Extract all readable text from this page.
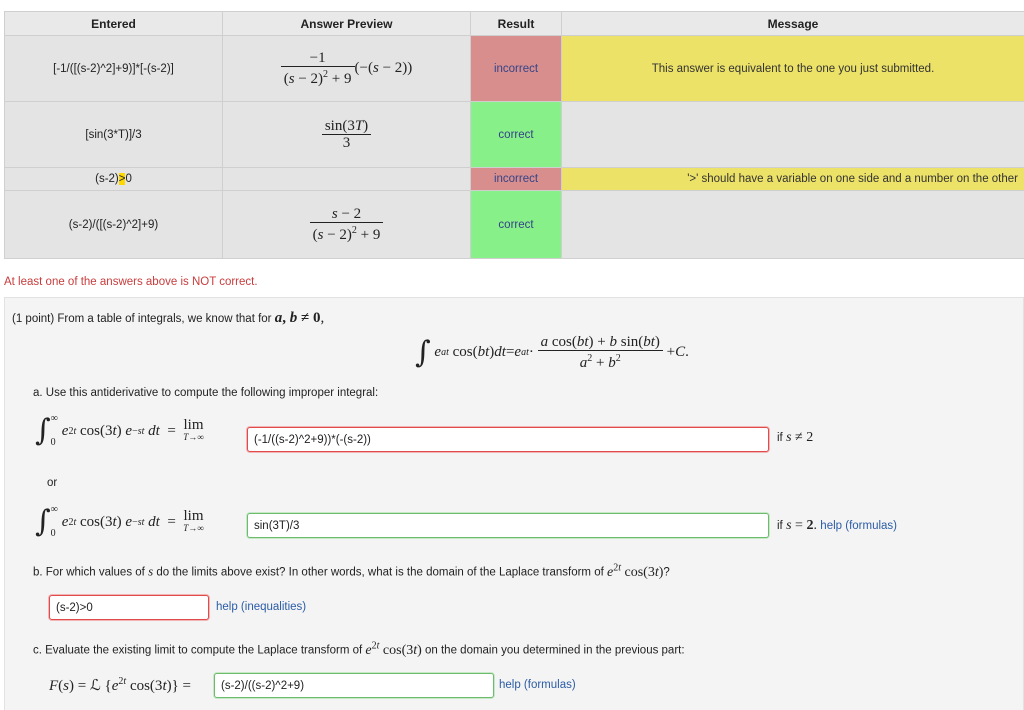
Entered	Answer Preview	Result	Message
[-1/([(s-2)^2]+9)]*[-(s-2)]	$\frac{-1}{(s - 2)^2 + 9} (-(s - 2))$	incorrect	This answer is equivalent to the one you just submitted.
[sin(3*T)]/3	$\frac{\sin(3T)}{3}$	correct	
(s-2)>0		incorrect	'>' should have a variable on one side and a number on the other
(s-2)/([(s-2)^2]+9)	$\frac{s - 2}{(s - 2)^2 + 9}$	correct	
At least one of the answers above is NOT correct.
(1 point) From a table of integrals, we know that for a, b ≠ 0,
∫
e at cos( bt ) dt = e at · $\frac{\text{a cos(bt) + b sin(bt)}}{a^2 + b^2} + C$ .
a. Use this antiderivative to compute the following improper integral:
∫ ∞
0
e 2t cos(3 t ) e −st
dt = lim
T→∞
(-1/((s-2)^2+9))*(-(s-2))	if s ≠ 2
or
∫ ∞
0
e 2t cos(3 t ) e −st
dt = lim
T→∞
sin(3T)/3	if s = 2. help (formulas)
b. For which values of s do the limits above exist? In other words, what is the domain of the Laplace transform of $e^{2t}$ cos(3t)?
(s-2)>0
help (inequalities)
c. Evaluate the existing limit to compute the Laplace transform of $e^{2t}$ cos(3t) on the domain you determined in the previous part:
F(s) = ℒ {$e^{2t}$ cos(3t)} =
(s-2)/((s-2)^2+9)	help (formulas)
